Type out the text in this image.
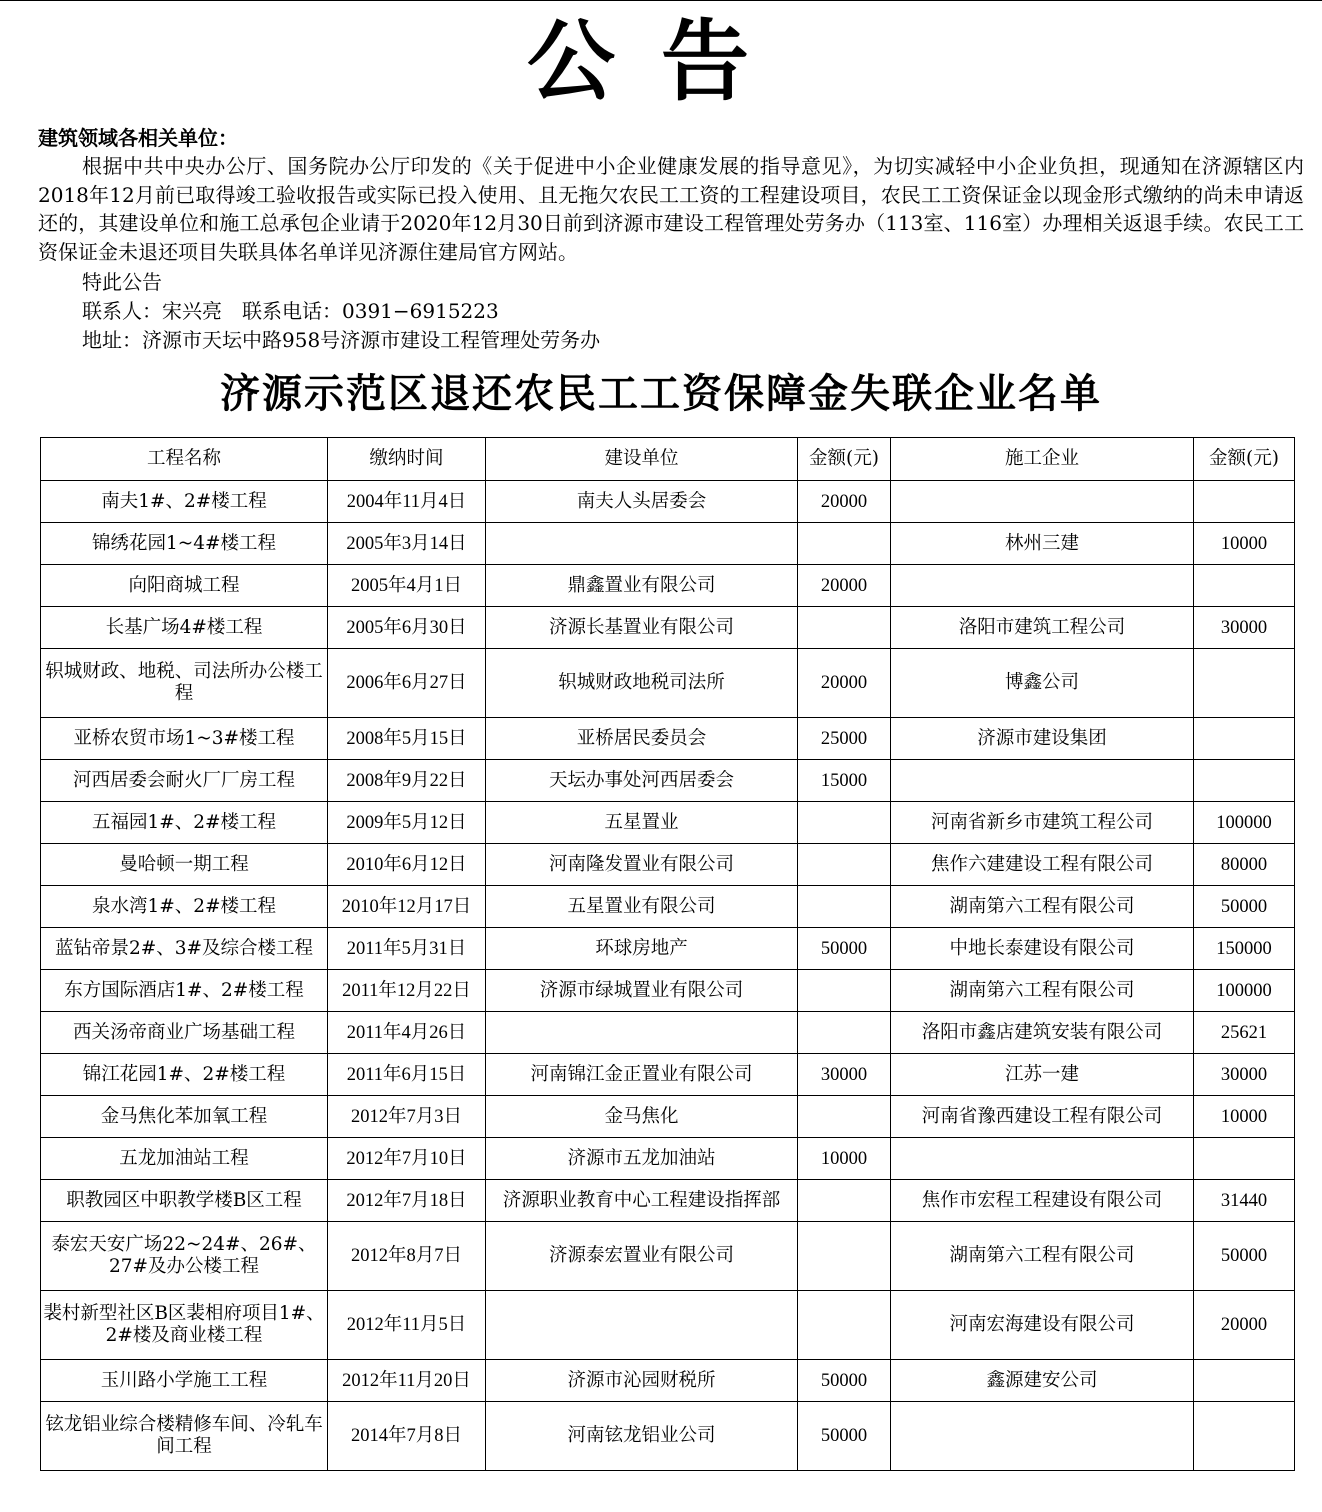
公告
建筑领域各相关单位：

根据中共中央办公厅、国务院办公厅印发的《关于促进中小企业健康发展的指导意见》，为切实减轻中小企业负担，现通知在济源辖区内2018年12月前已取得竣工验收报告或实际已投入使用、且无拖欠农民工工资的工程建设项目，农民工工资保证金以现金形式缴纳的尚未申请返还的，其建设单位和施工总承包企业请于2020年12月30日前到济源市建设工程管理处劳务办（113室、116室）办理相关返退手续。农民工工资保证金未退还项目失联具体名单详见济源住建局官方网站。

特此公告
联系人：宋兴亮 联系电话：0391−6915223
地址：济源市天坛中路958号济源市建设工程管理处劳务办
济源示范区退还农民工工资保障金失联企业名单
工程名称	缴纳时间	建设单位	金额(元)	施工企业	金额(元)
南夫1#、2#楼工程	2004年11月4日	南夫人头居委会	20000		
锦绣花园1~4#楼工程	2005年3月14日			林州三建	10000
向阳商城工程	2005年4月1日	鼎鑫置业有限公司	20000		
长基广场4#楼工程	2005年6月30日	济源长基置业有限公司		洛阳市建筑工程公司	30000
轵城财政、地税、司法所办公楼工程	2006年6月27日	轵城财政地税司法所	20000	博鑫公司	
亚桥农贸市场1~3#楼工程	2008年5月15日	亚桥居民委员会	25000	济源市建设集团	
河西居委会耐火厂厂房工程	2008年9月22日	天坛办事处河西居委会	15000		
五福园1#、2#楼工程	2009年5月12日	五星置业		河南省新乡市建筑工程公司	100000
曼哈顿一期工程	2010年6月12日	河南隆发置业有限公司		焦作六建建设工程有限公司	80000
泉水湾1#、2#楼工程	2010年12月17日	五星置业有限公司		湖南第六工程有限公司	50000
蓝钻帝景2#、3#及综合楼工程	2011年5月31日	环球房地产	50000	中地长泰建设有限公司	150000
东方国际酒店1#、2#楼工程	2011年12月22日	济源市绿城置业有限公司		湖南第六工程有限公司	100000
西关汤帝商业广场基础工程	2011年4月26日			洛阳市鑫店建筑安装有限公司	25621
锦江花园1#、2#楼工程	2011年6月15日	河南锦江金正置业有限公司	30000	江苏一建	30000
金马焦化苯加氧工程	2012年7月3日	金马焦化		河南省豫西建设工程有限公司	10000
五龙加油站工程	2012年7月10日	济源市五龙加油站	10000		
职教园区中职教学楼B区工程	2012年7月18日	济源职业教育中心工程建设指挥部		焦作市宏程工程建设有限公司	31440
泰宏天安广场22~24#、26#、27#及办公楼工程	2012年8月7日	济源泰宏置业有限公司		湖南第六工程有限公司	50000
裴村新型社区B区裴相府项目1#、2#楼及商业楼工程	2012年11月5日			河南宏海建设有限公司	20000
玉川路小学施工工程	2012年11月20日	济源市沁园财税所	50000	鑫源建安公司	
铉龙铝业综合楼精修车间、冷轧车间工程	2014年7月8日	河南铉龙铝业公司	50000		
